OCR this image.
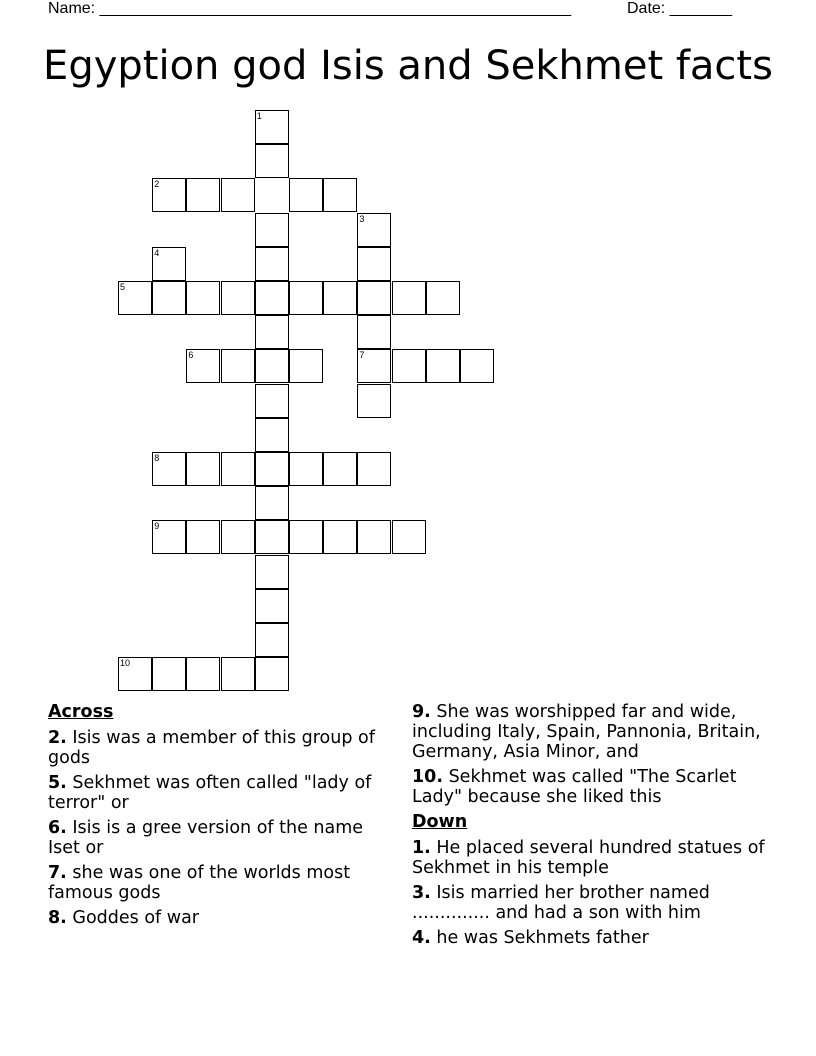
Name: _____________________________________________________	Date: _______
Egyption god Isis and Sekhmet facts
1
2
3
4
5
6	7
8
9
10
Across
2. Isis was a member of this group of gods
5. Sekhmet was often called "lady of terror" or
6. Isis is a gree version of the name Iset or
7. she was one of the worlds most famous gods
8. Goddes of war
9. She was worshipped far and wide, including Italy, Spain, Pannonia, Britain, Germany, Asia Minor, and
10. Sekhmet was called "The Scarlet Lady" because she liked this
Down
1. He placed several hundred statues of Sekhmet in his temple
3. Isis married her brother named .............. and had a son with him
4. he was Sekhmets father
